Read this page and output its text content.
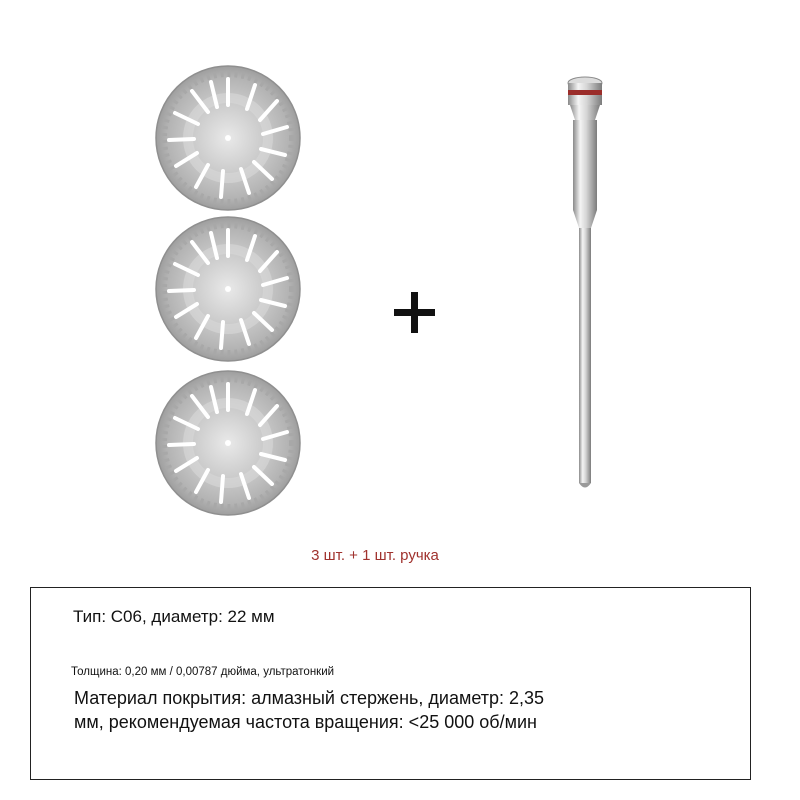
3 шт. + 1 шт. ручка
Тип: C06, диаметр: 22 мм
Толщина: 0,20 мм / 0,00787 дюйма, ультратонкий
Материал покрытия: алмазный стержень, диаметр: 2,35 мм, рекомендуемая частота вращения: <25 000 об/мин
